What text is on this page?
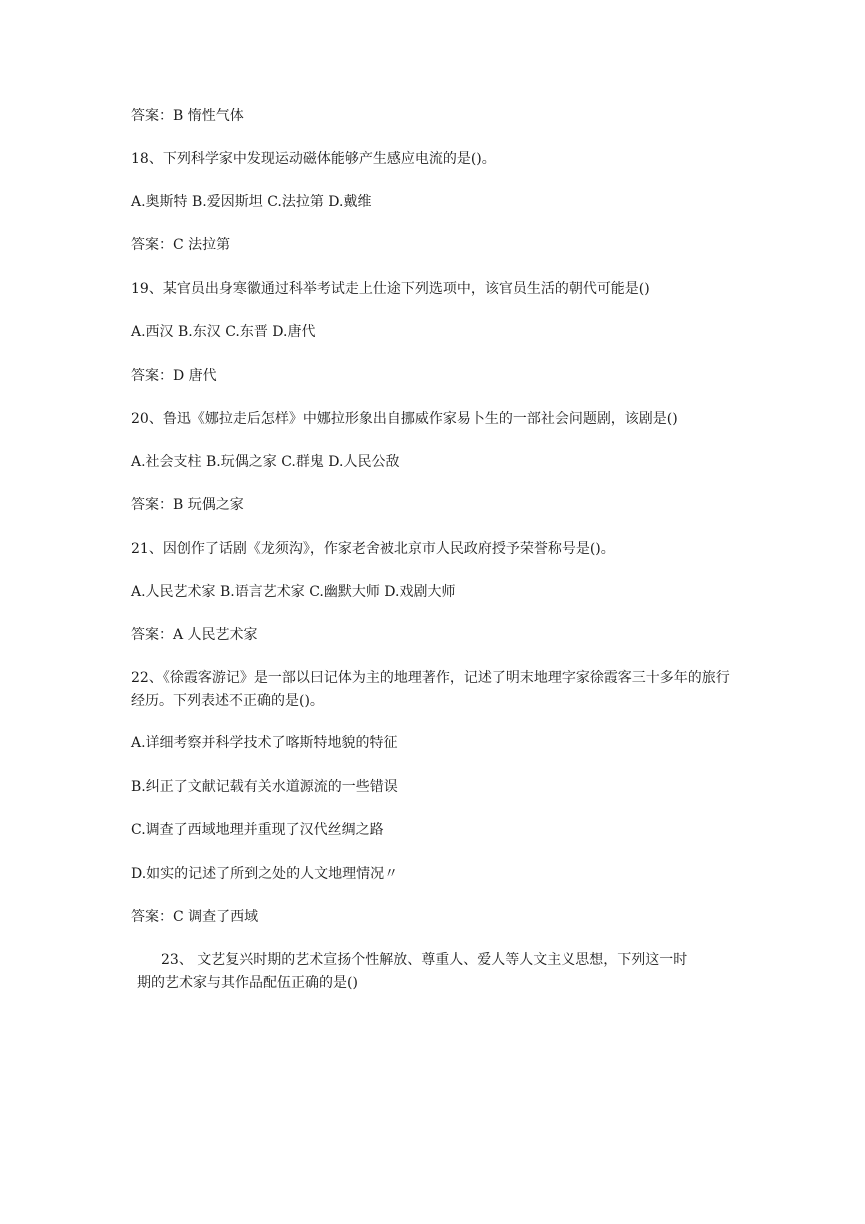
答案：B 惰性气体
18、下列科学家中发现运动磁体能够产生感应电流的是()。
A.奥斯特 B.爱因斯坦 C.法拉第 D.戴维
答案：C 法拉第
19、某官员出身寒徽通过科举考试走上仕途下列选项中，该官员生活的朝代可能是()
A.西汉 B.东汉 C.东晋 D.唐代
答案：D 唐代
20、鲁迅《娜拉走后怎样》中娜拉形象出自挪威作家易卜生的一部社会问题剧，该剧是()
A.社会支柱 B.玩偶之家 C.群鬼 D.人民公敌
答案：B 玩偶之家
21、因创作了话剧《龙须沟》，作家老舍被北京市人民政府授予荣誉称号是()。
A.人民艺术家 B.语言艺术家 C.幽默大师 D.戏剧大师
答案：A 人民艺术家
22、《徐霞客游记》是一部以曰记体为主的地理著作，记述了明末地理字家徐霞客三十多年的旅行经历。下列表述不正确的是()。
A.详细考察并科学技术了喀斯特地貌的特征
B.纠正了文献记载有关水道源流的一些错误
C.调查了西域地理并重现了汉代丝绸之路
D.如实的记述了所到之处的人文地理情况〃
答案：C 调查了西域
23、 文艺复兴时期的艺术宣扬个性解放、尊重人、爱人等人文主义思想，下列这一时
期的艺术家与其作品配伍正确的是()
